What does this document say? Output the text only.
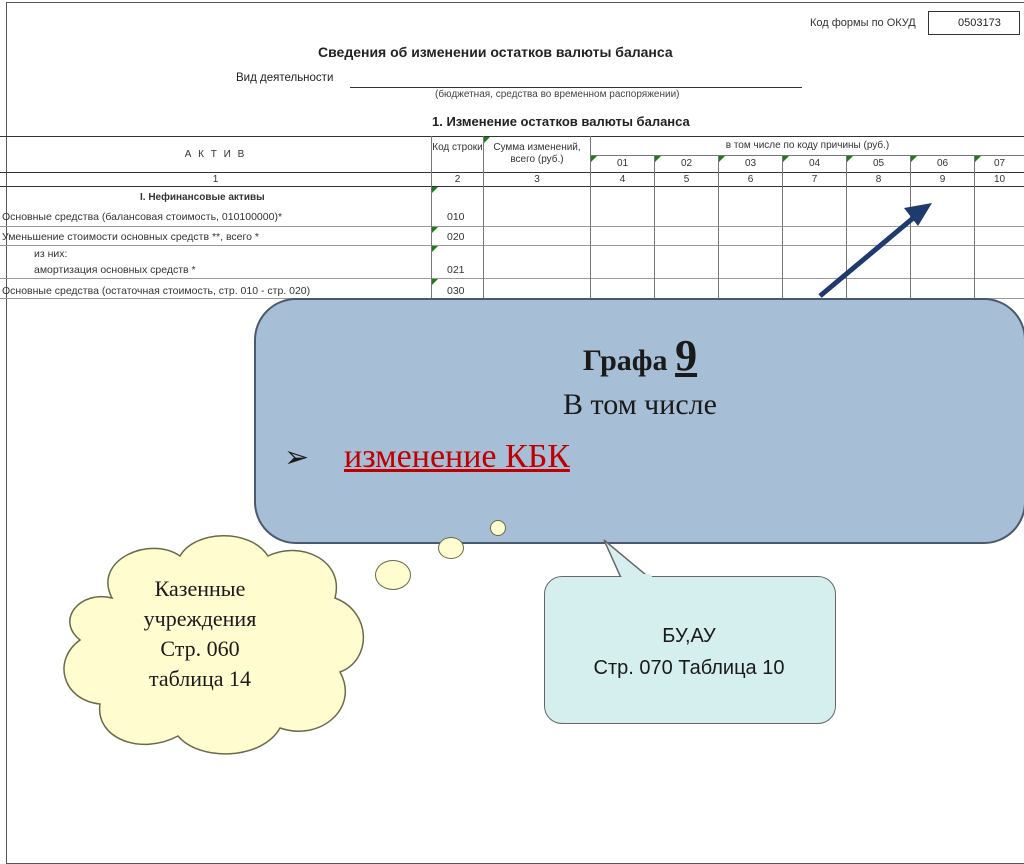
Код формы по ОКУД	0503173
Сведения об изменении остатков валюты баланса
Вид деятельности
(бюджетная, средства во временном распоряжении)
1. Изменение остатков валюты баланса
А К Т И В
Код строки	Сумма изменений, всего (руб.)
в том числе по коду причины (руб.)
01	02	03	04	05	06	07
1	2	3	4	5	6	7	8	9	10
I. Нефинансовые активы
Основные средства (балансовая стоимость, 010100000)*	010
Уменьшение стоимости основных средств **, всего *	020
из них:
амортизация основных средств *	021
Основные средства (остаточная стоимость, стр. 010 - стр. 020)	030
Графа 9
В том числе
➢ изменение КБК
Казенные
учреждения
Стр. 060
таблица 14
БУ,АУ
Стр. 070 Таблица 10
